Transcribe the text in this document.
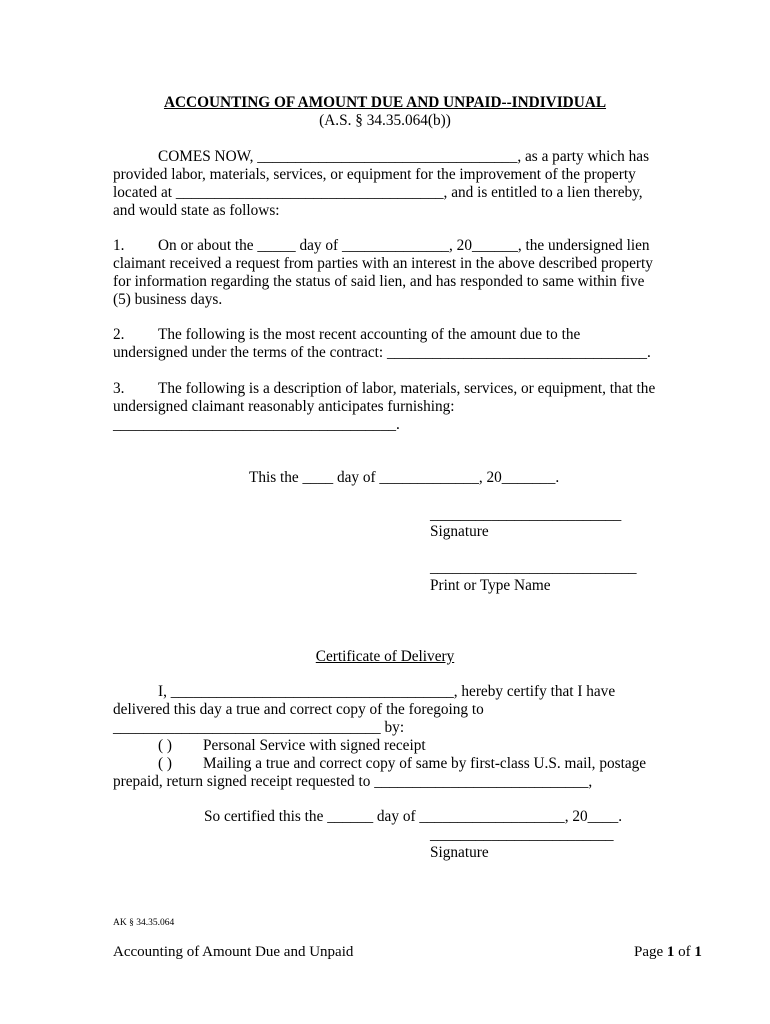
ACCOUNTING OF AMOUNT DUE AND UNPAID--INDIVIDUAL
(A.S. § 34.35.064(b))
COMES NOW, __________________________________, as a party which has provided labor, materials, services, or equipment for the improvement of the property located at ___________________________________, and is entitled to a lien thereby, and would state as follows:
1. On or about the _____ day of ______________, 20______, the undersigned lien claimant received a request from parties with an interest in the above described property for information regarding the status of said lien, and has responded to same within five (5) business days.
2. The following is the most recent accounting of the amount due to the undersigned under the terms of the contract: __________________________________.
3. The following is a description of labor, materials, services, or equipment, that the undersigned claimant reasonably anticipates furnishing: _____________________________________.
This the ____ day of _____________, 20_______.
_________________________
Signature
___________________________
Print or Type Name
Certificate of Delivery
I, _____________________________________, hereby certify that I have
delivered this day a true and correct copy of the foregoing to
___________________________________ by:
( ) Personal Service with signed receipt
( ) Mailing a true and correct copy of same by first-class U.S. mail, postage
prepaid, return signed receipt requested to ____________________________,
So certified this the ______ day of ___________________, 20____.
________________________
Signature
AK § 34.35.064
Accounting of Amount Due and Unpaid	Page 1 of 1
